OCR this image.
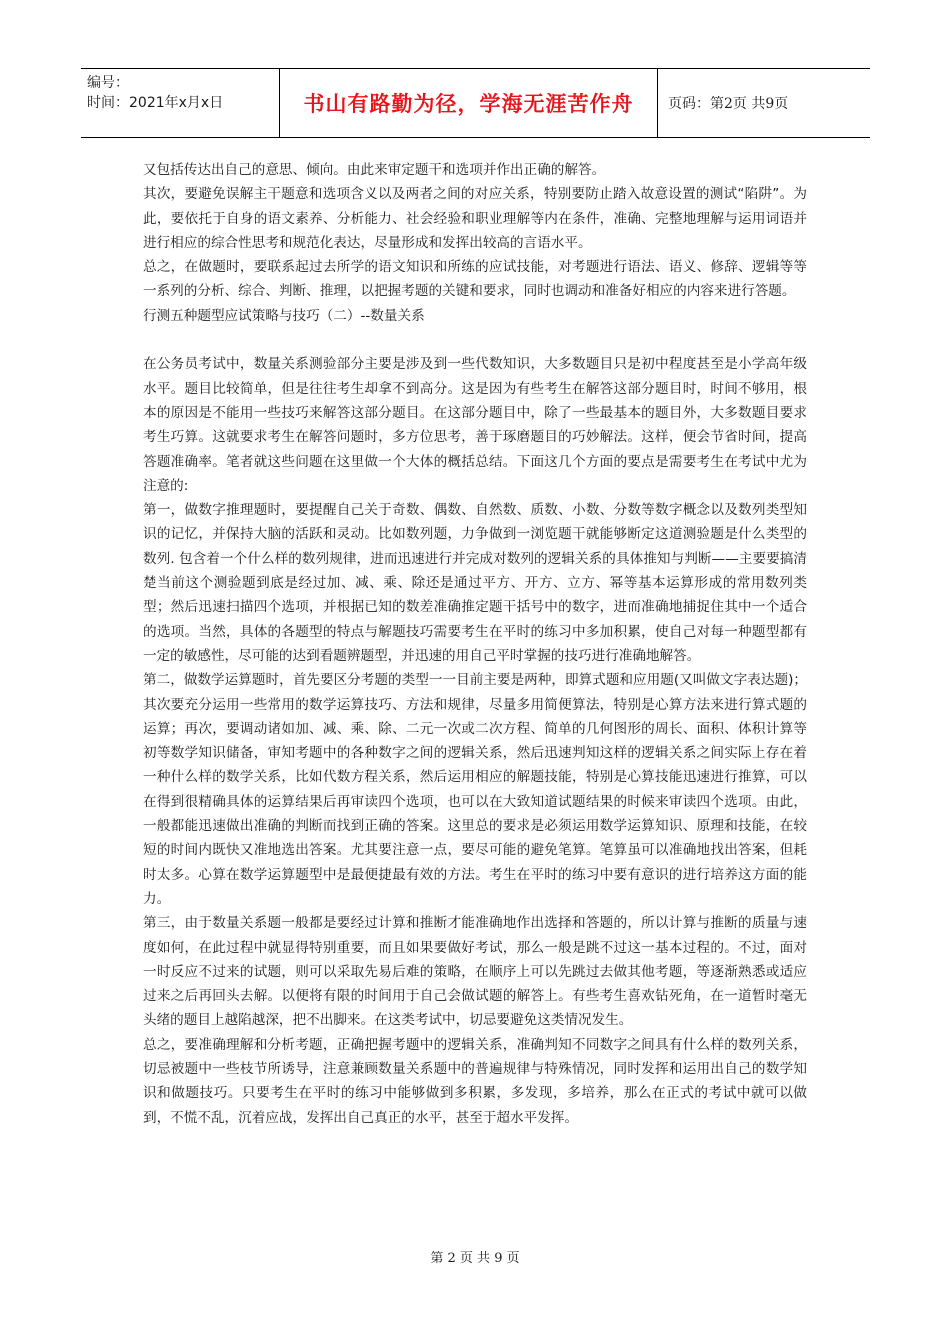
编号：
时间：2021年x月x日	书山有路勤为径，学海无涯苦作舟	页码：第2页 共9页

又包括传达出自己的意思、倾向。由此来审定题干和选项并作出正确的解答。

其次，要避免误解主干题意和选项含义以及两者之间的对应关系，特别要防止踏入故意设置的测试“陷阱”。为此，要依托于自身的语文素养、分析能力、社会经验和职业理解等内在条件，准确、完整地理解与运用词语并进行相应的综合性思考和规范化表达，尽量形成和发挥出较高的言语水平。

总之，在做题时，要联系起过去所学的语文知识和所练的应试技能，对考题进行语法、语义、修辞、逻辑等等一系列的分析、综合、判断、推理，以把握考题的关键和要求，同时也调动和准备好相应的内容来进行答题。

行测五种题型应试策略与技巧（二）--数量关系

在公务员考试中，数量关系测验部分主要是涉及到一些代数知识，大多数题目只是初中程度甚至是小学高年级水平。题目比较简单，但是往往考生却拿不到高分。这是因为有些考生在解答这部分题目时，时间不够用，根本的原因是不能用一些技巧来解答这部分题目。在这部分题目中，除了一些最基本的题目外，大多数题目要求考生巧算。这就要求考生在解答问题时，多方位思考，善于琢磨题目的巧妙解法。这样，便会节省时间，提高答题准确率。笔者就这些问题在这里做一个大体的概括总结。下面这几个方面的要点是需要考生在考试中尤为注意的:

第一，做数字推理题时，要提醒自己关于奇数、偶数、自然数、质数、小数、分数等数字概念以及数列类型知识的记忆，并保持大脑的活跃和灵动。比如数列题，力争做到一浏览题干就能够断定这道测验题是什么类型的数列. 包含着一个什么样的数列规律，进而迅速进行并完成对数列的逻辑关系的具体推知与判断——主要要搞清楚当前这个测验题到底是经过加、减、乘、除还是通过平方、开方、立方、幂等基本运算形成的常用数列类型；然后迅速扫描四个选项，并根据已知的数差准确推定题干括号中的数字，进而准确地捕捉住其中一个适合的选项。当然，具体的各题型的特点与解题技巧需要考生在平时的练习中多加积累，使自己对每一种题型都有一定的敏感性，尽可能的达到看题辨题型，并迅速的用自己平时掌握的技巧进行准确地解答。

第二，做数学运算题时，首先要区分考题的类型一一目前主要是两种，即算式题和应用题(又叫做文字表达题)；其次要充分运用一些常用的数学运算技巧、方法和规律，尽量多用简便算法，特别是心算方法来进行算式题的运算；再次，要调动诸如加、减、乘、除、二元一次或二次方程、简单的几何图形的周长、面积、体积计算等初等数学知识储备，审知考题中的各种数字之间的逻辑关系，然后迅速判知这样的逻辑关系之间实际上存在着一种什么样的数学关系，比如代数方程关系，然后运用相应的解题技能，特别是心算技能迅速进行推算，可以在得到很精确具体的运算结果后再审读四个选项，也可以在大致知道试题结果的时候来审读四个选项。由此，一般都能迅速做出准确的判断而找到正确的答案。这里总的要求是必须运用数学运算知识、原理和技能，在较短的时间内既快又准地选出答案。尤其要注意一点，要尽可能的避免笔算。笔算虽可以准确地找出答案，但耗时太多。心算在数学运算题型中是最便捷最有效的方法。考生在平时的练习中要有意识的进行培养这方面的能力。

第三，由于数量关系题一般都是要经过计算和推断才能准确地作出选择和答题的，所以计算与推断的质量与速度如何，在此过程中就显得特别重要，而且如果要做好考试，那么一般是跳不过这一基本过程的。不过，面对一时反应不过来的试题，则可以采取先易后难的策略，在顺序上可以先跳过去做其他考题，等逐渐熟悉或适应过来之后再回头去解。以便将有限的时间用于自己会做试题的解答上。有些考生喜欢钻死角，在一道暂时毫无头绪的题目上越陷越深，把不出脚来。在这类考试中，切忌要避免这类情况发生。

总之，要准确理解和分析考题，正确把握考题中的逻辑关系，准确判知不同数字之间具有什么样的数列关系，切忌被题中一些枝节所诱导，注意兼顾数量关系题中的普遍规律与特殊情况，同时发挥和运用出自己的数学知识和做题技巧。只要考生在平时的练习中能够做到多积累，多发现，多培养，那么在正式的考试中就可以做到，不慌不乱，沉着应战，发挥出自己真正的水平，甚至于超水平发挥。

第 2 页 共 9 页
